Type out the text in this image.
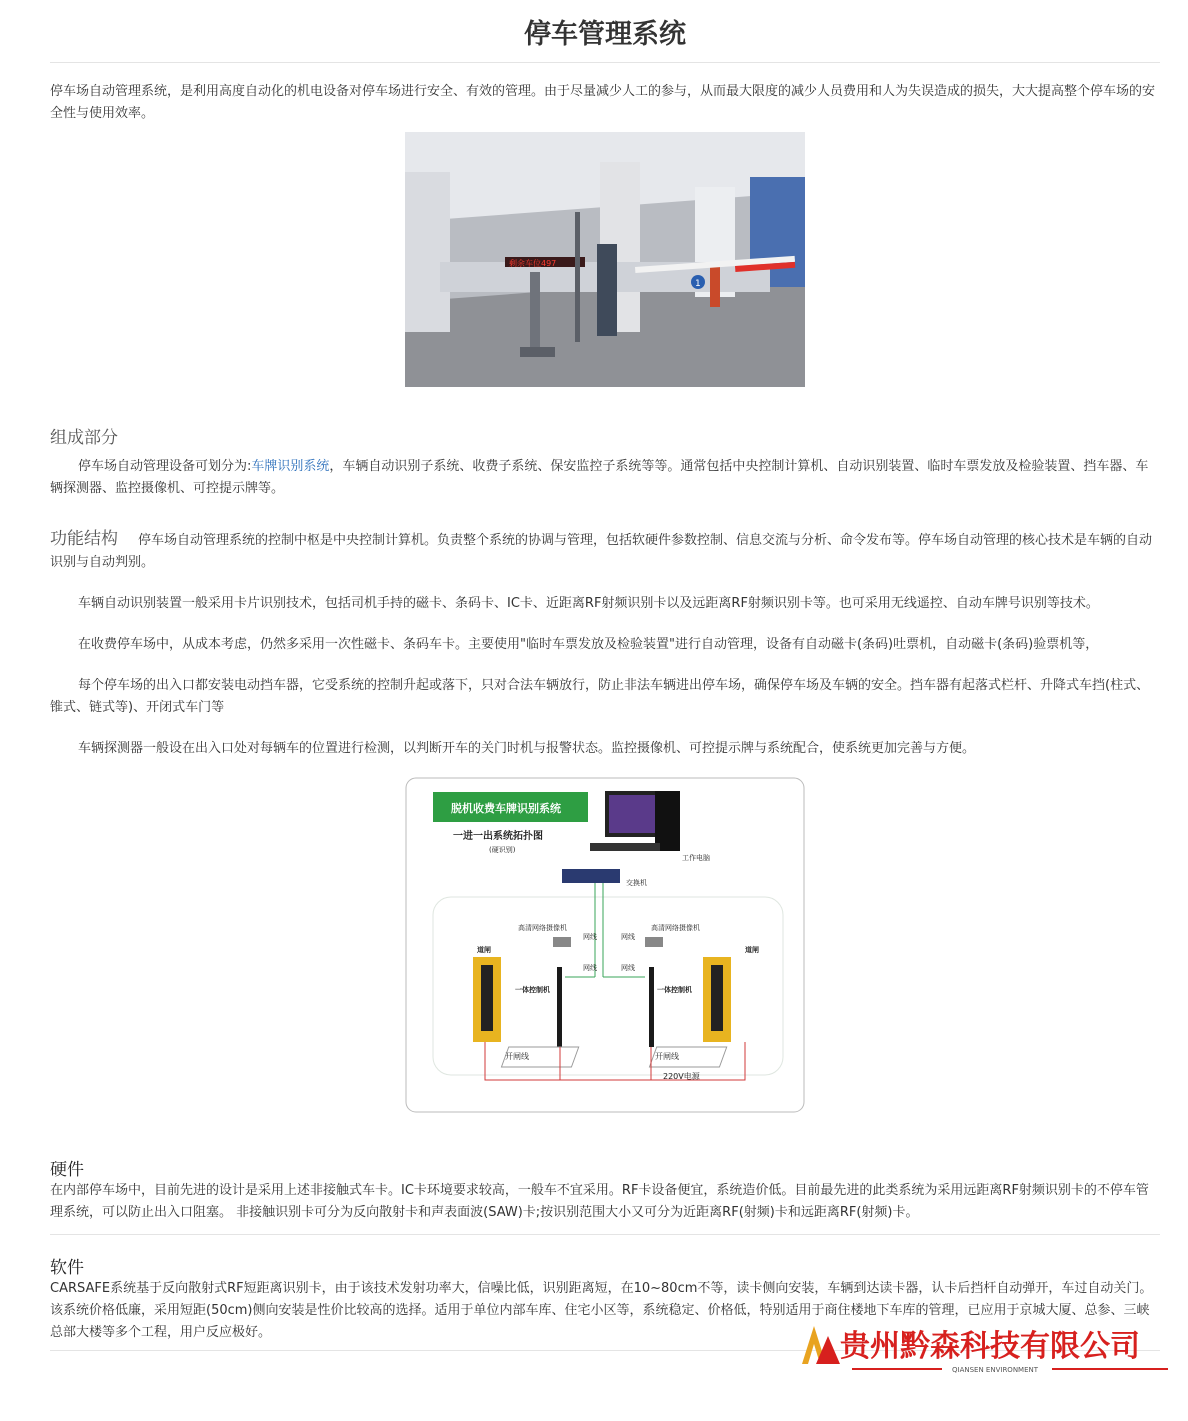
停车管理系统

停车场自动管理系统，是利用高度自动化的机电设备对停车场进行安全、有效的管理。由于尽量减少人工的参与，从而最大限度的减少人员费用和人为失误造成的损失，大大提高整个停车场的安全性与使用效率。

剩余车位497
1
组成部分

停车场自动管理设备可划分为:车牌识别系统，车辆自动识别子系统、收费子系统、保安监控子系统等等。通常包括中央控制计算机、自动识别装置、临时车票发放及检验装置、挡车器、车辆探测器、监控摄像机、可控提示牌等。

功能结构 停车场自动管理系统的控制中枢是中央控制计算机。负责整个系统的协调与管理，包括软硬件参数控制、信息交流与分析、命令发布等。停车场自动管理的核心技术是车辆的自动识别与自动判别。

车辆自动识别装置一般采用卡片识别技术，包括司机手持的磁卡、条码卡、IC卡、近距离RF射频识别卡以及远距离RF射频识别卡等。也可采用无线遥控、自动车牌号识别等技术。

在收费停车场中，从成本考虑，仍然多采用一次性磁卡、条码车卡。主要使用"临时车票发放及检验装置"进行自动管理，设备有自动磁卡(条码)吐票机，自动磁卡(条码)验票机等，

每个停车场的出入口都安装电动挡车器，它受系统的控制升起或落下，只对合法车辆放行，防止非法车辆进出停车场，确保停车场及车辆的安全。挡车器有起落式栏杆、升降式车挡(柱式、锥式、链式等)、开闭式车门等

车辆探测器一般设在出入口处对每辆车的位置进行检测，以判断开车的关门时机与报警状态。监控摄像机、可控提示牌与系统配合，使系统更加完善与方便。

脱机收费车牌识别系统
一进一出系统拓扑图
(硬识别)
工作电脑
交换机
高清网络摄像机	高清网络摄像机
网线	网线
网线	网线
道闸	道闸
一体控制机	一体控制机
开闸线	开闸线
220V电源
硬件

在内部停车场中，目前先进的设计是采用上述非接触式车卡。IC卡环境要求较高，一般车不宜采用。RF卡设备便宜，系统造价低。目前最先进的此类系统为采用远距离RF射频识别卡的不停车管理系统，可以防止出入口阻塞。 非接触识别卡可分为反向散射卡和声表面波(SAW)卡;按识别范围大小又可分为近距离RF(射频)卡和远距离RF(射频)卡。

软件

CARSAFE系统基于反向散射式RF短距离识别卡，由于该技术发射功率大，信噪比低，识别距离短，在10~80cm不等，读卡侧向安装，车辆到达读卡器，认卡后挡杆自动弹开，车过自动关门。该系统价格低廉，采用短距(50cm)侧向安装是性价比较高的选择。适用于单位内部车库、住宅小区等，系统稳定、价格低，特别适用于商住楼地下车库的管理，已应用于京城大厦、总参、三峡总部大楼等多个工程，用户反应极好。	贵州黔森科技有限公司
QIANSEN ENVIRONMENT
